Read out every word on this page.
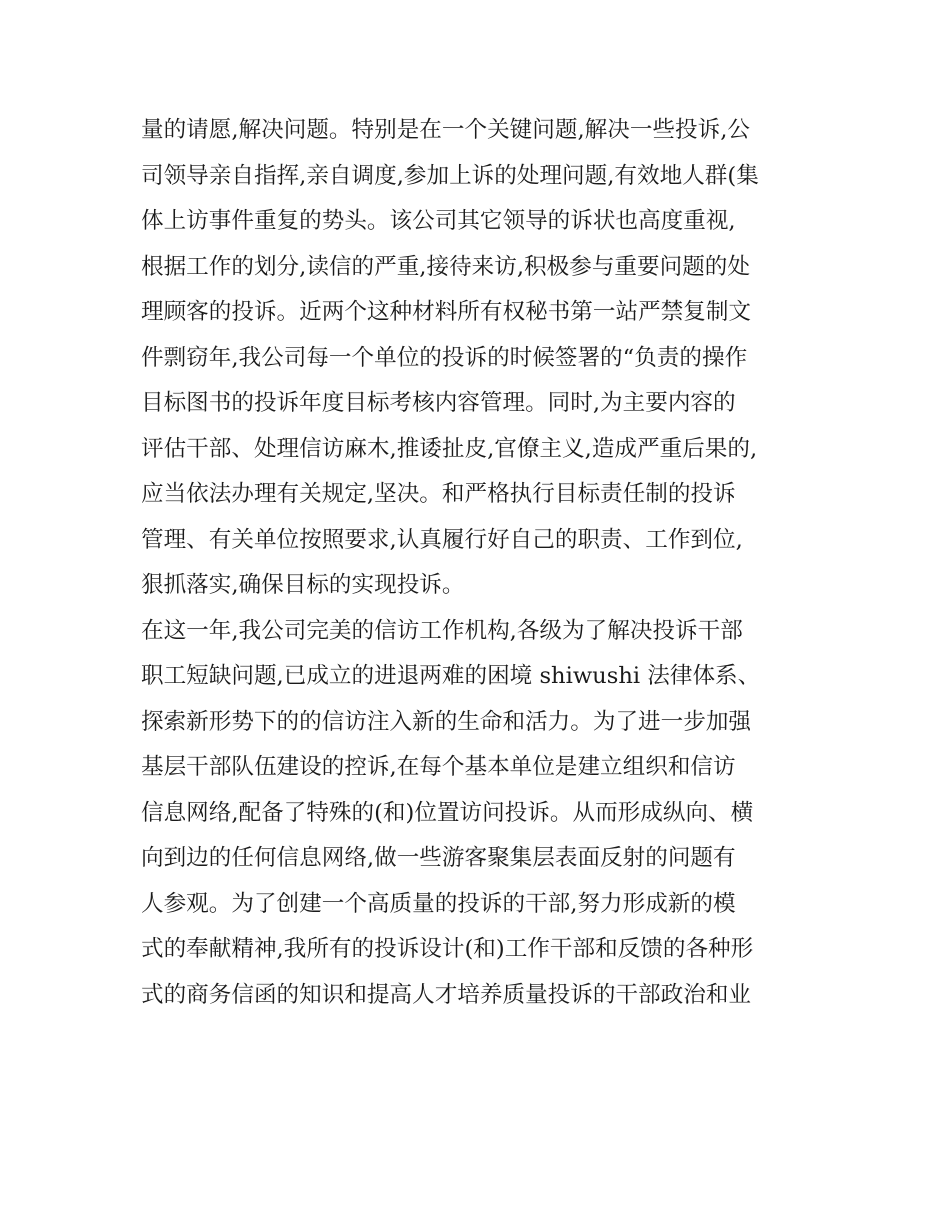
量的请愿,解决问题。特别是在一个关键问题,解决一些投诉,公
司领导亲自指挥,亲自调度,参加上诉的处理问题,有效地人群(集
体上访事件重复的势头。该公司其它领导的诉状也高度重视,
根据工作的划分,读信的严重,接待来访,积极参与重要问题的处
理顾客的投诉。近两个这种材料所有权秘书第一站严禁复制文
件剽窃年,我公司每一个单位的投诉的时候签署的“负责的操作
目标图书的投诉年度目标考核内容管理。同时,为主要内容的
评估干部、处理信访麻木,推诿扯皮,官僚主义,造成严重后果的,
应当依法办理有关规定,坚决。和严格执行目标责任制的投诉
管理、有关单位按照要求,认真履行好自己的职责、工作到位,
狠抓落实,确保目标的实现投诉。
在这一年,我公司完美的信访工作机构,各级为了解决投诉干部
职工短缺问题,已成立的进退两难的困境 shiwushi 法律体系、
探索新形势下的的信访注入新的生命和活力。为了进一步加强
基层干部队伍建设的控诉,在每个基本单位是建立组织和信访
信息网络,配备了特殊的(和)位置访问投诉。从而形成纵向、横
向到边的任何信息网络,做一些游客聚集层表面反射的问题有
人参观。为了创建一个高质量的投诉的干部,努力形成新的模
式的奉献精神,我所有的投诉设计(和)工作干部和反馈的各种形
式的商务信函的知识和提高人才培养质量投诉的干部政治和业
